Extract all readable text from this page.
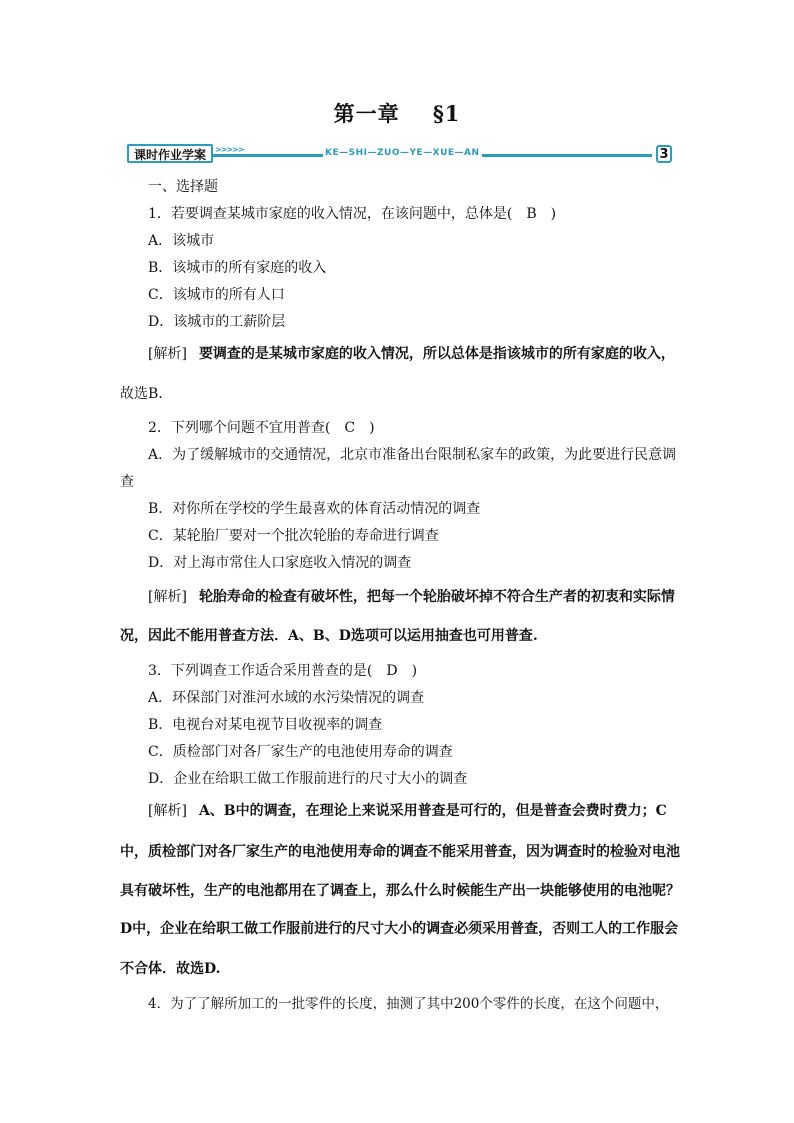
第一章    §1
课时作业学案	>>>>>	KE—SHI—ZUO—YE—XUE—AN	3
一、选择题
1．若要调查某城市家庭的收入情况，在该问题中，总体是(　B　)
A．该城市
B．该城市的所有家庭的收入
C．该城市的所有人口
D．该城市的工薪阶层
[解析] 要调查的是某城市家庭的收入情况，所以总体是指该城市的所有家庭的收入，
故选B.
2．下列哪个问题不宜用普查(　C　)
A．为了缓解城市的交通情况，北京市准备出台限制私家车的政策，为此要进行民意调
查
B．对你所在学校的学生最喜欢的体育活动情况的调查
C．某轮胎厂要对一个批次轮胎的寿命进行调查
D．对上海市常住人口家庭收入情况的调查
[解析] 轮胎寿命的检查有破坏性，把每一个轮胎破坏掉不符合生产者的初衷和实际情
况，因此不能用普查方法．A、B、D选项可以运用抽查也可用普查.
3．下列调查工作适合采用普查的是(　D　)
A．环保部门对淮河水域的水污染情况的调查
B．电视台对某电视节目收视率的调查
C．质检部门对各厂家生产的电池使用寿命的调查
D．企业在给职工做工作服前进行的尺寸大小的调查
[解析] A、B中的调查，在理论上来说采用普查是可行的，但是普查会费时费力；C
中，质检部门对各厂家生产的电池使用寿命的调查不能采用普查，因为调查时的检验对电池
具有破坏性，生产的电池都用在了调查上，那么什么时候能生产出一块能够使用的电池呢？
D中，企业在给职工做工作服前进行的尺寸大小的调查必须采用普查，否则工人的工作服会
不合体．故选D.
4．为了了解所加工的一批零件的长度，抽测了其中200个零件的长度，在这个问题中，
